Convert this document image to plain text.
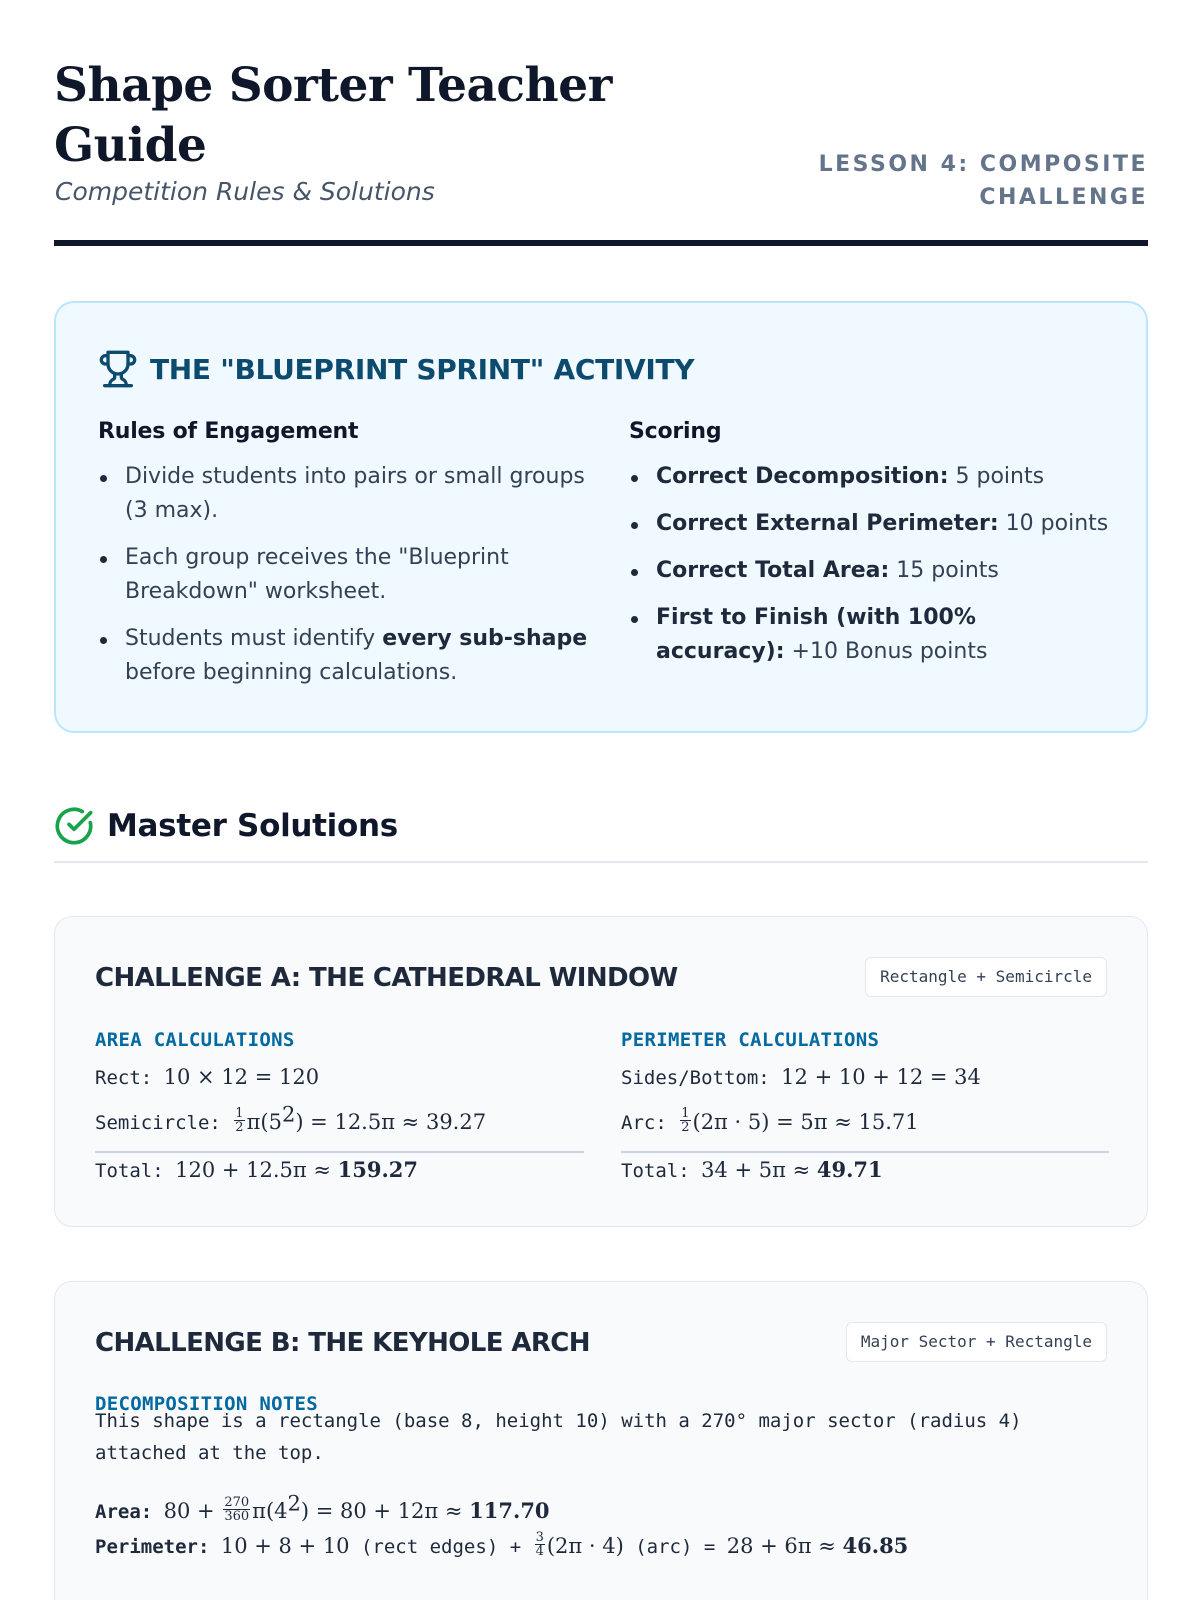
Shape Sorter Teacher Guide
Competition Rules & Solutions
LESSON 4: COMPOSITE CHALLENGE
THE "BLUEPRINT SPRINT" ACTIVITY
Rules of Engagement
Divide students into pairs or small groups (3 max).
Each group receives the "Blueprint Breakdown" worksheet.
Students must identify every sub-shape before beginning calculations.
Scoring
Correct Decomposition: 5 points
Correct External Perimeter: 10 points
Correct Total Area: 15 points
First to Finish (with 100% accuracy): +10 Bonus points
Master Solutions
CHALLENGE A: THE CATHEDRAL WINDOW	Rectangle + Semicircle
AREA CALCULATIONS
Rect: 10 × 12 = 120
Semicircle: $\frac{1}{2} \pi(52) = 12.5\pi \approx 39.27$
Total: 120 + 12.5π ≈ 159.27
PERIMETER CALCULATIONS
Sides/Bottom: 12 + 10 + 12 = 34
Arc: $\frac{1}{2} (2\pi \cdot 5) = 5\pi \approx 15.71$
Total: 34 + 5π ≈ 49.71
CHALLENGE B: THE KEYHOLE ARCH	Major Sector + Rectangle
DECOMPOSITION NOTES
This shape is a rectangle (base 8, height 10) with a 270° major sector (radius 4) attached at the top.
Area: $80 + \frac{270}{360} \pi(42) = 80 + 12\pi \approx 117.70$
Perimeter: 10 + 8 + 10 (rect edges) + $\frac{3}{4} (2\pi \cdot 4) (arc) = 28 + 6\pi \approx 46.85$
